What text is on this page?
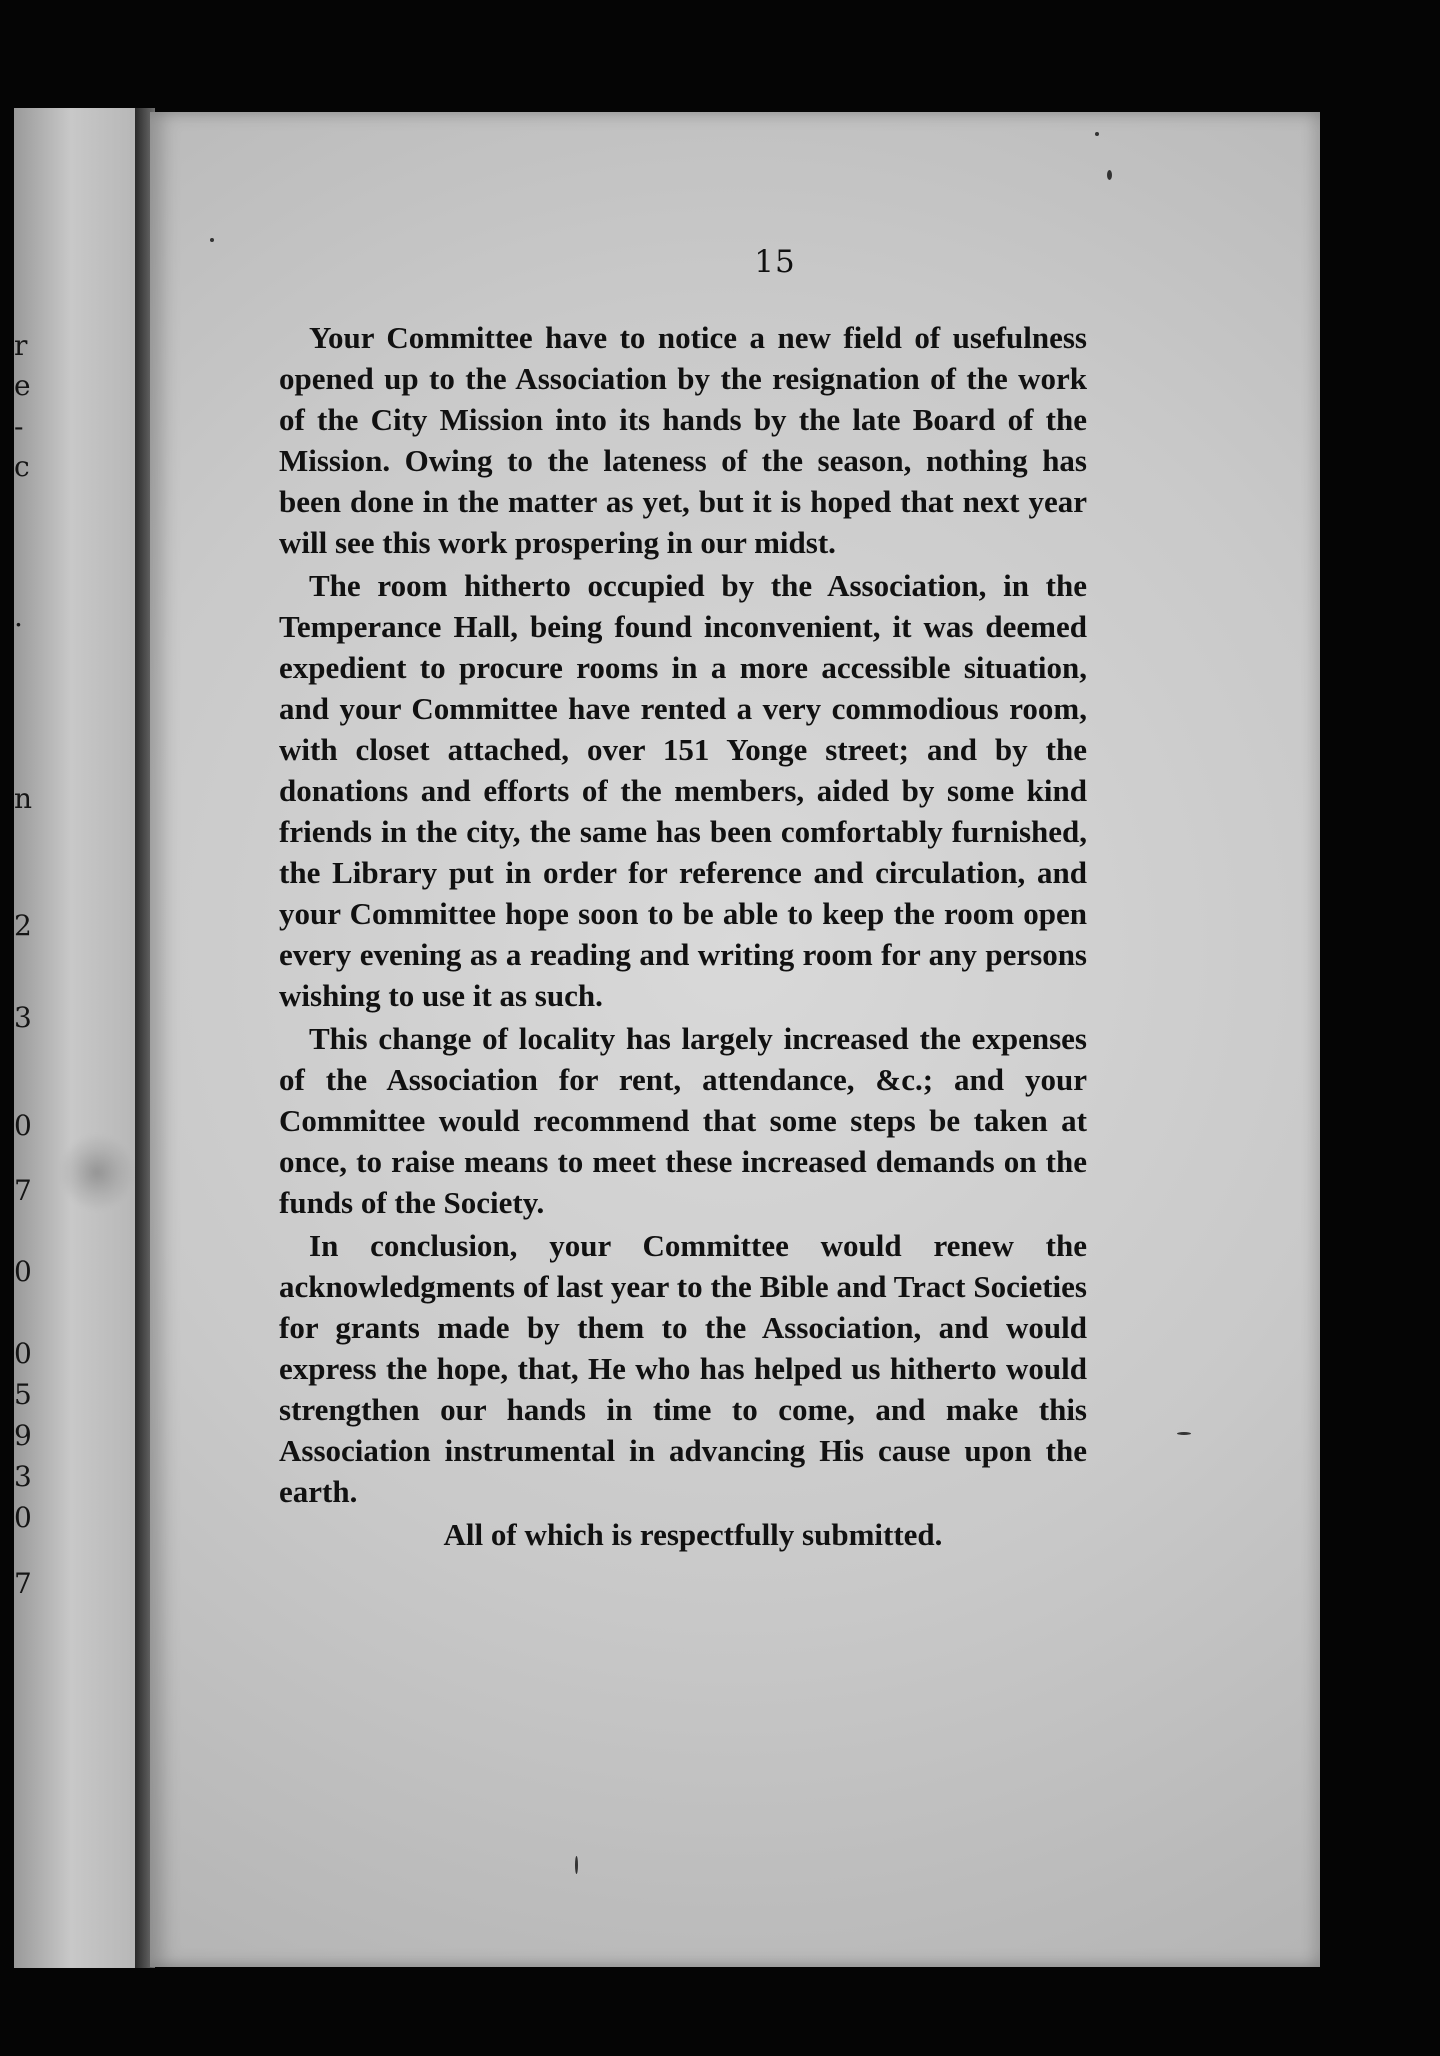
r
e
-
c
.
n
2
3
0
7
0
0
5
9
3
0
7
15

Your Committee have to notice a new field of usefulness opened up to the Association by the resignation of the work of the City Mission into its hands by the late Board of the Mission. Owing to the lateness of the season, nothing has been done in the matter as yet, but it is hoped that next year will see this work prospering in our midst.

The room hitherto occupied by the Association, in the Temperance Hall, being found inconvenient, it was deemed expedient to procure rooms in a more accessible situation, and your Committee have rented a very commodious room, with closet attached, over 151 Yonge street; and by the donations and efforts of the members, aided by some kind friends in the city, the same has been comfortably furnished, the Library put in order for reference and circulation, and your Committee hope soon to be able to keep the room open every evening as a reading and writing room for any persons wishing to use it as such.

This change of locality has largely increased the expenses of the Association for rent, attendance, &c.; and your Committee would recommend that some steps be taken at once, to raise means to meet these increased demands on the funds of the Society.

In conclusion, your Committee would renew the acknowledgments of last year to the Bible and Tract Societies for grants made by them to the Association, and would express the hope, that, He who has helped us hitherto would strengthen our hands in time to come, and make this Association instrumental in advancing His cause upon the earth.

All of which is respectfully submitted.
